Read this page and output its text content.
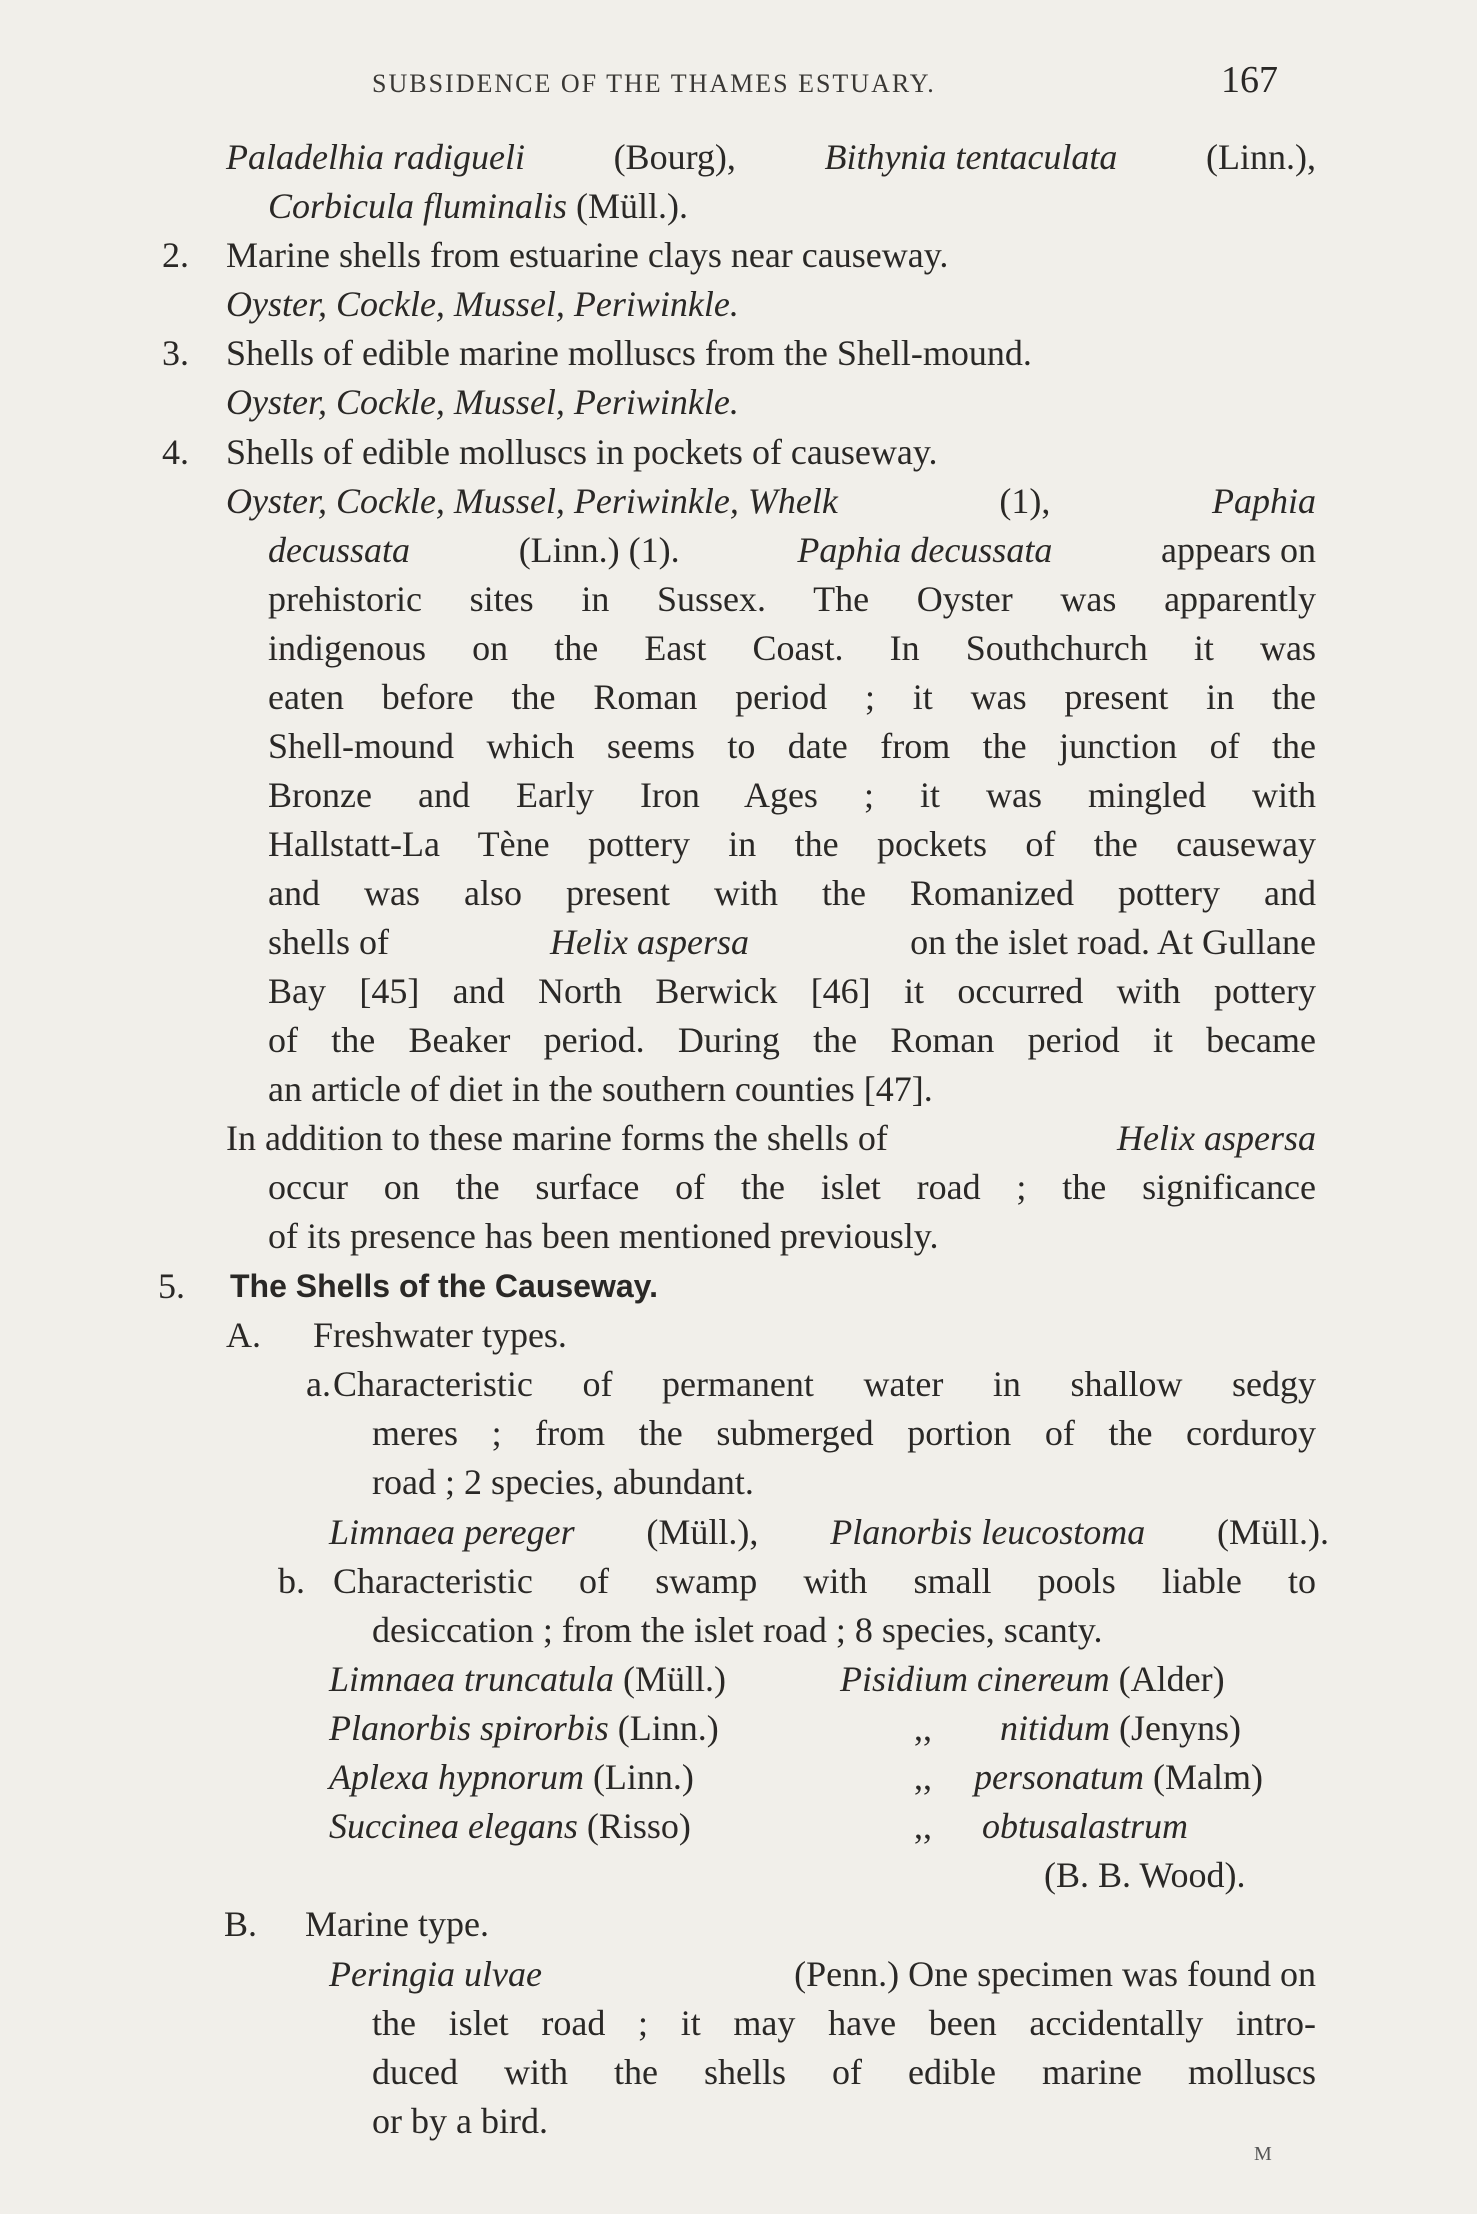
SUBSIDENCE OF THE THAMES ESTUARY.	167
Paladelhia radigueli (Bourg), Bithynia tentaculata (Linn.),
Corbicula fluminalis (Müll.).
2. Marine shells from estuarine clays near causeway.
Oyster, Cockle, Mussel, Periwinkle.
3. Shells of edible marine molluscs from the Shell-mound.
Oyster, Cockle, Mussel, Periwinkle.
4. Shells of edible molluscs in pockets of causeway.
Oyster, Cockle, Mussel, Periwinkle, Whelk	(1),	Paphia
decussata	(Linn.) (1).	Paphia decussata	appears on
prehistoric sites in Sussex. The Oyster was apparently
indigenous on the East Coast. In Southchurch it was
eaten before the Roman period ; it was present in the
Shell-mound which seems to date from the junction of the
Bronze and Early Iron Ages ; it was mingled with
Hallstatt-La Tène pottery in the pockets of the causeway
and was also present with the Romanized pottery and
shells of	Helix aspersa	on the islet road. At Gullane
Bay [45] and North Berwick [46] it occurred with pottery
of the Beaker period. During the Roman period it became
an article of diet in the southern counties [47].
In addition to these marine forms the shells of	Helix aspersa
occur on the surface of the islet road ; the significance
of its presence has been mentioned previously.
5. The Shells of the Causeway.
A. Freshwater types.
a. Characteristic of permanent water in shallow sedgy
meres ; from the submerged portion of the corduroy
road ; 2 species, abundant.
Limnaea pereger (Müll.), Planorbis leucostoma (Müll.).
b. Characteristic of swamp with small pools liable to
desiccation ; from the islet road ; 8 species, scanty.
Limnaea truncatula (Müll.)	Pisidium cinereum (Alder)
Planorbis spirorbis (Linn.)	,, nitidum (Jenyns)
Aplexa hypnorum (Linn.)	,, personatum (Malm)
Succinea elegans (Risso)	,, obtusalastrum
(B. B. Wood).
B. Marine type.
Peringia ulvae	(Penn.) One specimen was found on
the islet road ; it may have been accidentally intro-
duced with the shells of edible marine molluscs
or by a bird.
M
